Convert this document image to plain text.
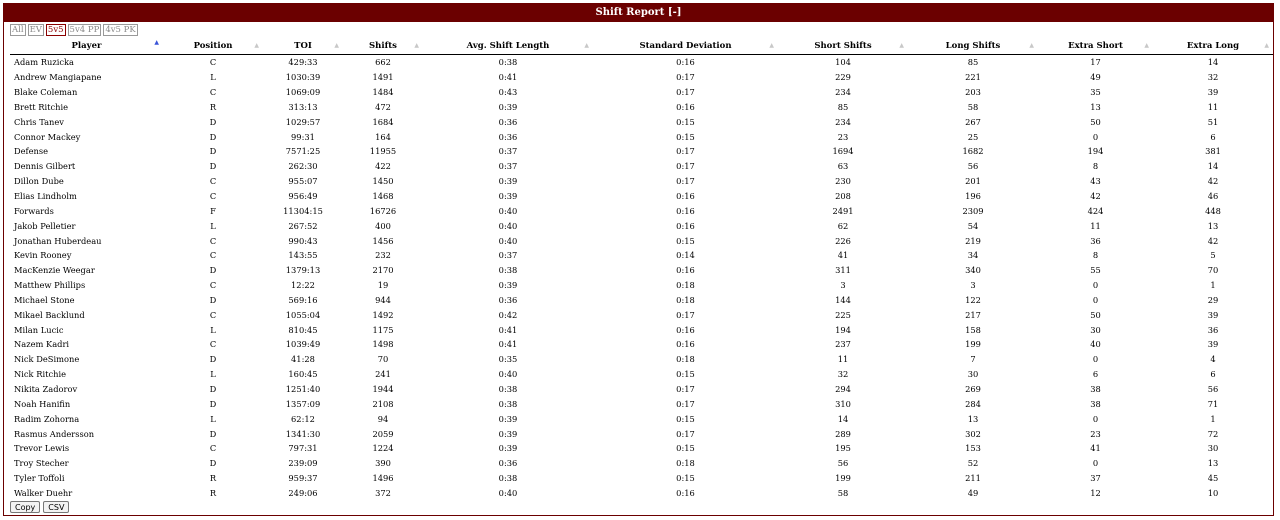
Shift Report [-]
All EV 5v5 5v4 PP 4v5 PK
Player ▲	Position ▲	TOI ▲	Shifts ▲	Avg. Shift Length ▲	Standard Deviation ▲	Short Shifts ▲	Long Shifts ▲	Extra Short ▲	Extra Long ▲

Adam Ruzicka	C	429:33	662	0:38	0:16	104	85	17	14
Andrew Mangiapane	L	1030:39	1491	0:41	0:17	229	221	49	32
Blake Coleman	C	1069:09	1484	0:43	0:17	234	203	35	39
Brett Ritchie	R	313:13	472	0:39	0:16	85	58	13	11
Chris Tanev	D	1029:57	1684	0:36	0:15	234	267	50	51
Connor Mackey	D	99:31	164	0:36	0:15	23	25	0	6
Defense	D	7571:25	11955	0:37	0:17	1694	1682	194	381
Dennis Gilbert	D	262:30	422	0:37	0:17	63	56	8	14
Dillon Dube	C	955:07	1450	0:39	0:17	230	201	43	42
Elias Lindholm	C	956:49	1468	0:39	0:16	208	196	42	46
Forwards	F	11304:15	16726	0:40	0:16	2491	2309	424	448
Jakob Pelletier	L	267:52	400	0:40	0:16	62	54	11	13
Jonathan Huberdeau	C	990:43	1456	0:40	0:15	226	219	36	42
Kevin Rooney	C	143:55	232	0:37	0:14	41	34	8	5
MacKenzie Weegar	D	1379:13	2170	0:38	0:16	311	340	55	70
Matthew Phillips	C	12:22	19	0:39	0:18	3	3	0	1
Michael Stone	D	569:16	944	0:36	0:18	144	122	0	29
Mikael Backlund	C	1055:04	1492	0:42	0:17	225	217	50	39
Milan Lucic	L	810:45	1175	0:41	0:16	194	158	30	36
Nazem Kadri	C	1039:49	1498	0:41	0:16	237	199	40	39
Nick DeSimone	D	41:28	70	0:35	0:18	11	7	0	4
Nick Ritchie	L	160:45	241	0:40	0:15	32	30	6	6
Nikita Zadorov	D	1251:40	1944	0:38	0:17	294	269	38	56
Noah Hanifin	D	1357:09	2108	0:38	0:17	310	284	38	71
Radim Zohorna	L	62:12	94	0:39	0:15	14	13	0	1
Rasmus Andersson	D	1341:30	2059	0:39	0:17	289	302	23	72
Trevor Lewis	C	797:31	1224	0:39	0:15	195	153	41	30
Troy Stecher	D	239:09	390	0:36	0:18	56	52	0	13
Tyler Toffoli	R	959:37	1496	0:38	0:15	199	211	37	45
Walker Duehr	R	249:06	372	0:40	0:16	58	49	12	10
Copy	CSV
